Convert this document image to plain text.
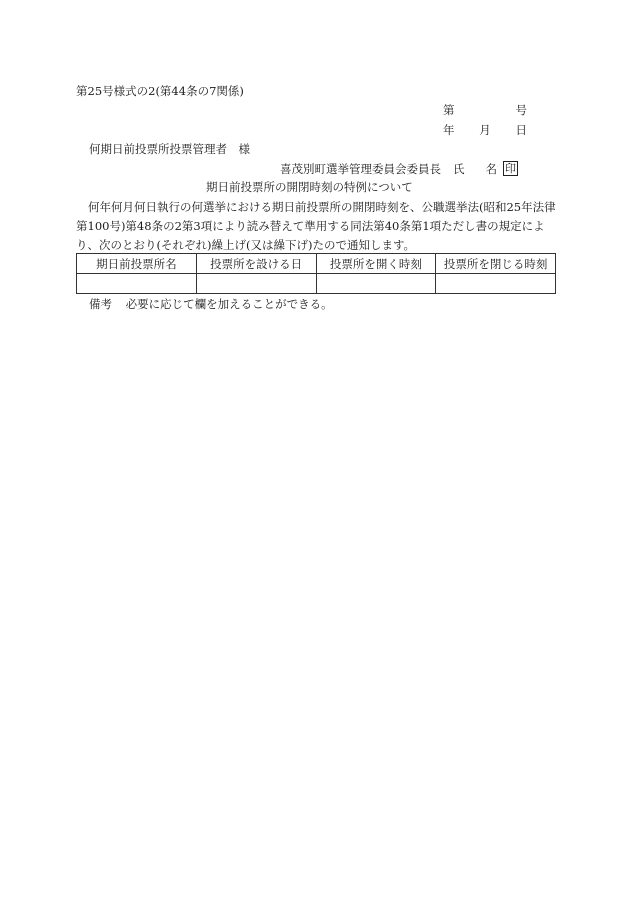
第25号様式の2(第44条の7関係)
第	号
年 月 日
何期日前投票所投票管理者　様
喜茂別町選挙管理委員会委員長 氏 名 印
期日前投票所の開閉時刻の特例について
何年何月何日執行の何選挙における期日前投票所の開閉時刻を、公職選挙法(昭和25年法律第100号)第48条の2第3項により読み替えて準用する同法第40条第1項ただし書の規定により、次のとおり(それぞれ)繰上げ(又は繰下げ)たので通知します。
期日前投票所名	投票所を設ける日	投票所を開く時刻	投票所を閉じる時刻

備考 必要に応じて欄を加えることができる。
